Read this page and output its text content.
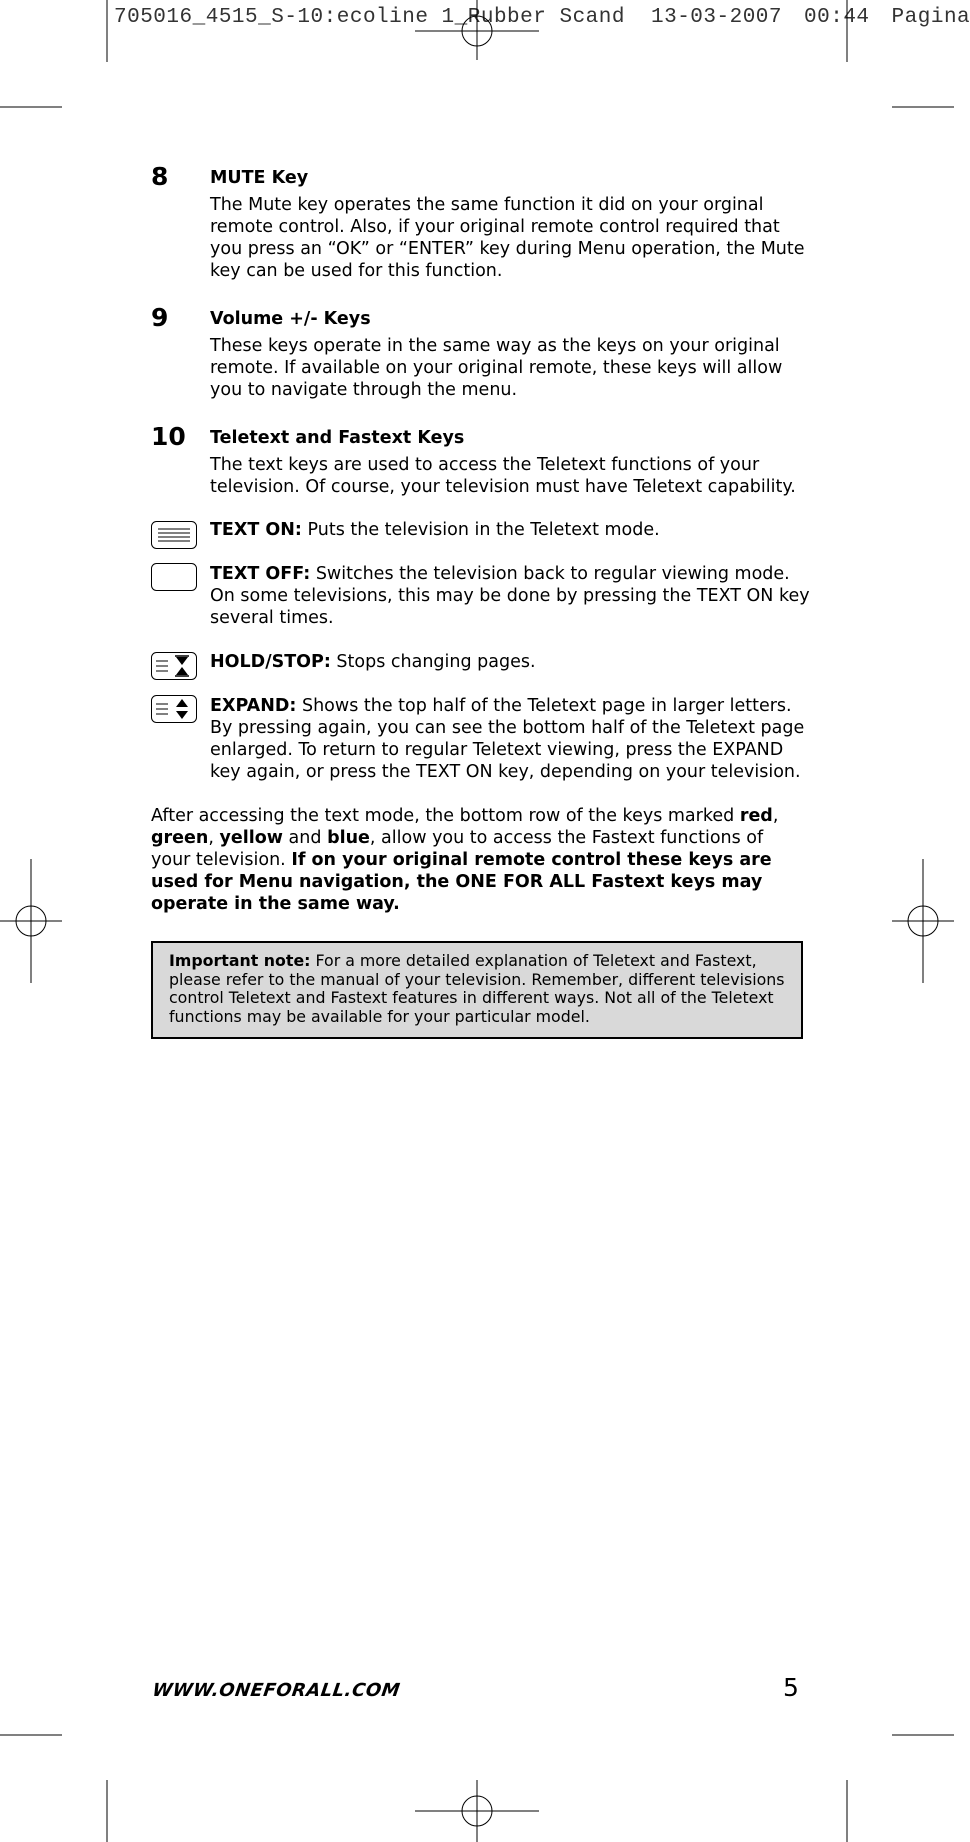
705016_4515_S-10:ecoline 1_Rubber Scand 13-03-2007 00:44 Pagina
8 MUTE Key
The Mute key operates the same function it did on your orginal remote control. Also, if your original remote control required that you press an “OK” or “ENTER” key during Menu operation, the Mute key can be used for this function.
9 Volume +/- Keys
These keys operate in the same way as the keys on your original remote. If available on your original remote, these keys will allow you to navigate through the menu.
10 Teletext and Fastext Keys
The text keys are used to access the Teletext functions of your television. Of course, your television must have Teletext capability.
TEXT ON: Puts the television in the Teletext mode.
TEXT OFF: Switches the television back to regular viewing mode. On some televisions, this may be done by pressing the TEXT ON key several times.
HOLD/STOP: Stops changing pages.
EXPAND: Shows the top half of the Teletext page in larger letters. By pressing again, you can see the bottom half of the Teletext page enlarged. To return to regular Teletext viewing, press the EXPAND key again, or press the TEXT ON key, depending on your television.
After accessing the text mode, the bottom row of the keys marked red, green, yellow and blue, allow you to access the Fastext functions of your television. If on your original remote control these keys are used for Menu navigation, the ONE FOR ALL Fastext keys may operate in the same way.
Important note: For a more detailed explanation of Teletext and Fastext, please refer to the manual of your television. Remember, different televisions control Teletext and Fastext features in different ways. Not all of the Teletext functions may be available for your particular model.
WWW.ONEFORALL.COM	5
